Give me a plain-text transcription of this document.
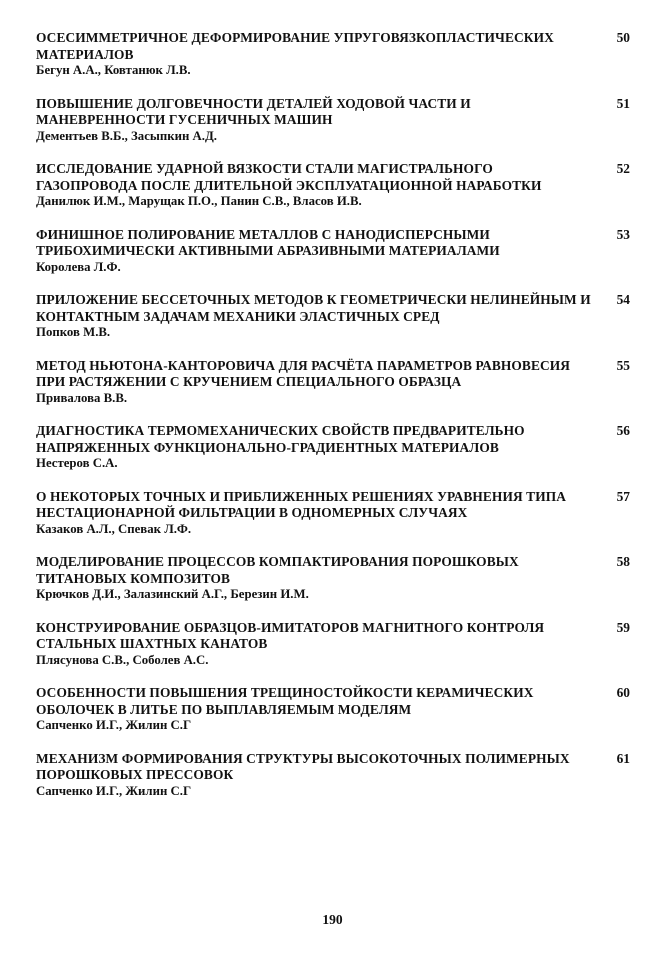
ОСЕСИММЕТРИЧНОЕ ДЕФОРМИРОВАНИЕ УПРУГОВЯЗКОПЛАСТИЧЕСКИХ МАТЕРИАЛОВ
Бегун А.А., Ковтанюк Л.В.
50
ПОВЫШЕНИЕ ДОЛГОВЕЧНОСТИ ДЕТАЛЕЙ ХОДОВОЙ ЧАСТИ И МАНЕВРЕННОСТИ ГУСЕНИЧНЫХ МАШИН
Дементьев В.Б., Засыпкин А.Д.
51
ИССЛЕДОВАНИЕ УДАРНОЙ ВЯЗКОСТИ СТАЛИ МАГИСТРАЛЬНОГО ГАЗОПРОВОДА ПОСЛЕ ДЛИТЕЛЬНОЙ ЭКСПЛУАТАЦИОННОЙ НАРАБОТКИ
Данилюк И.М., Марущак П.О., Панин С.В., Власов И.В.
52
ФИНИШНОЕ ПОЛИРОВАНИЕ МЕТАЛЛОВ С НАНОДИСПЕРСНЫМИ ТРИБОХИМИЧЕСКИ АКТИВНЫМИ АБРАЗИВНЫМИ МАТЕРИАЛАМИ
Королева Л.Ф.
53
ПРИЛОЖЕНИЕ БЕССЕТОЧНЫХ МЕТОДОВ К ГЕОМЕТРИЧЕСКИ НЕЛИНЕЙНЫМ И КОНТАКТНЫМ ЗАДАЧАМ МЕХАНИКИ ЭЛАСТИЧНЫХ СРЕД
Попков М.В.
54
МЕТОД НЬЮТОНА-КАНТОРОВИЧА ДЛЯ РАСЧЁТА ПАРАМЕТРОВ РАВНОВЕСИЯ ПРИ РАСТЯЖЕНИИ С КРУЧЕНИЕМ СПЕЦИАЛЬНОГО ОБРАЗЦА
Привалова В.В.
55
ДИАГНОСТИКА ТЕРМОМЕХАНИЧЕСКИХ СВОЙСТВ ПРЕДВАРИТЕЛЬНО НАПРЯЖЕННЫХ ФУНКЦИОНАЛЬНО-ГРАДИЕНТНЫХ МАТЕРИАЛОВ
Нестеров С.А.
56
О НЕКОТОРЫХ ТОЧНЫХ И ПРИБЛИЖЕННЫХ РЕШЕНИЯХ УРАВНЕНИЯ ТИПА НЕСТАЦИОНАРНОЙ ФИЛЬТРАЦИИ В ОДНОМЕРНЫХ СЛУЧАЯХ
Казаков А.Л., Спевак Л.Ф.
57
МОДЕЛИРОВАНИЕ ПРОЦЕССОВ КОМПАКТИРОВАНИЯ ПОРОШКОВЫХ ТИТАНОВЫХ КОМПОЗИТОВ
Крючков Д.И., Залазинский А.Г., Березин И.М.
58
КОНСТРУИРОВАНИЕ ОБРАЗЦОВ-ИМИТАТОРОВ МАГНИТНОГО КОНТРОЛЯ СТАЛЬНЫХ ШАХТНЫХ КАНАТОВ
Плясунова С.В., Соболев А.С.
59
ОСОБЕННОСТИ ПОВЫШЕНИЯ ТРЕЩИНОСТОЙКОСТИ КЕРАМИЧЕСКИХ ОБОЛОЧЕК В ЛИТЬЕ ПО ВЫПЛАВЛЯЕМЫМ МОДЕЛЯМ
Сапченко И.Г., Жилин С.Г
60
МЕХАНИЗМ ФОРМИРОВАНИЯ СТРУКТУРЫ ВЫСОКОТОЧНЫХ ПОЛИМЕРНЫХ ПОРОШКОВЫХ ПРЕССОВОК
Сапченко И.Г., Жилин С.Г
61
190
